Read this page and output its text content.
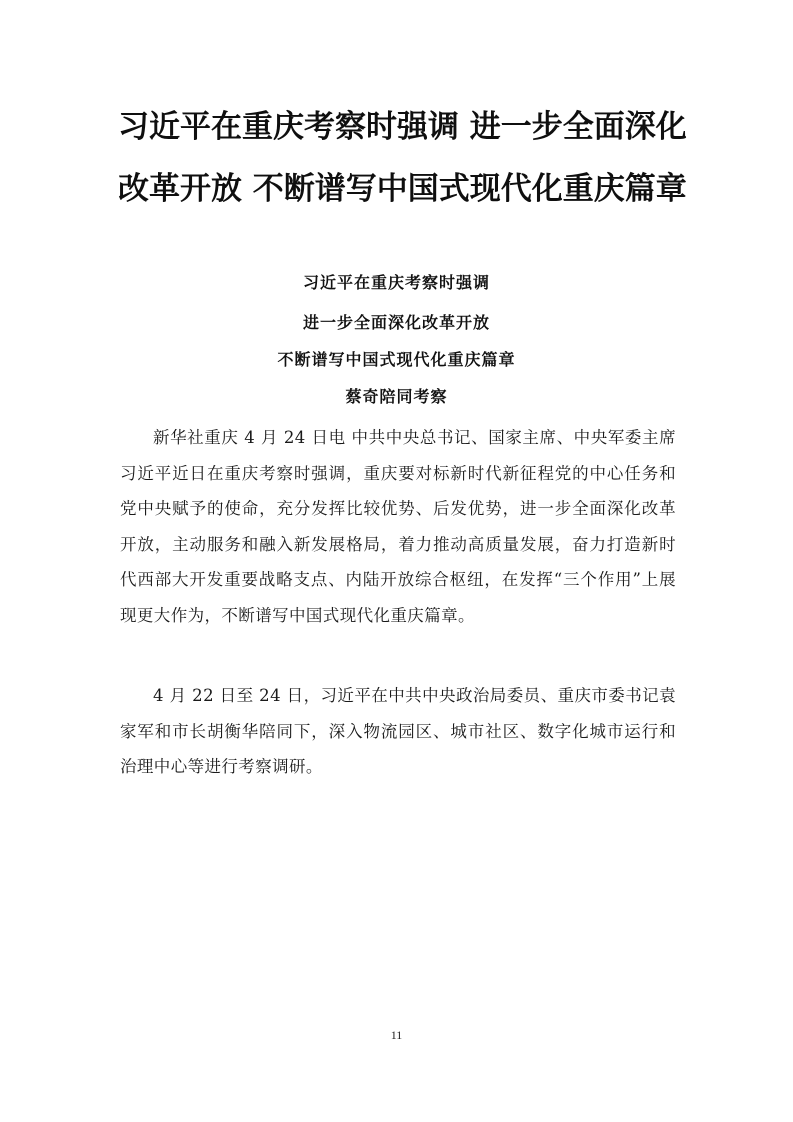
习近平在重庆考察时强调 进一步全面深化
改革开放 不断谱写中国式现代化重庆篇章
习近平在重庆考察时强调
进一步全面深化改革开放
不断谱写中国式现代化重庆篇章
蔡奇陪同考察

新华社重庆 4 月 24 日电 中共中央总书记、国家主席、中央军委主席习近平近日在重庆考察时强调，重庆要对标新时代新征程党的中心任务和党中央赋予的使命，充分发挥比较优势、后发优势，进一步全面深化改革开放，主动服务和融入新发展格局，着力推动高质量发展，奋力打造新时代西部大开发重要战略支点、内陆开放综合枢纽，在发挥“三个作用”上展现更大作为，不断谱写中国式现代化重庆篇章。

4 月 22 日至 24 日，习近平在中共中央政治局委员、重庆市委书记袁家军和市长胡衡华陪同下，深入物流园区、城市社区、数字化城市运行和治理中心等进行考察调研。

11
